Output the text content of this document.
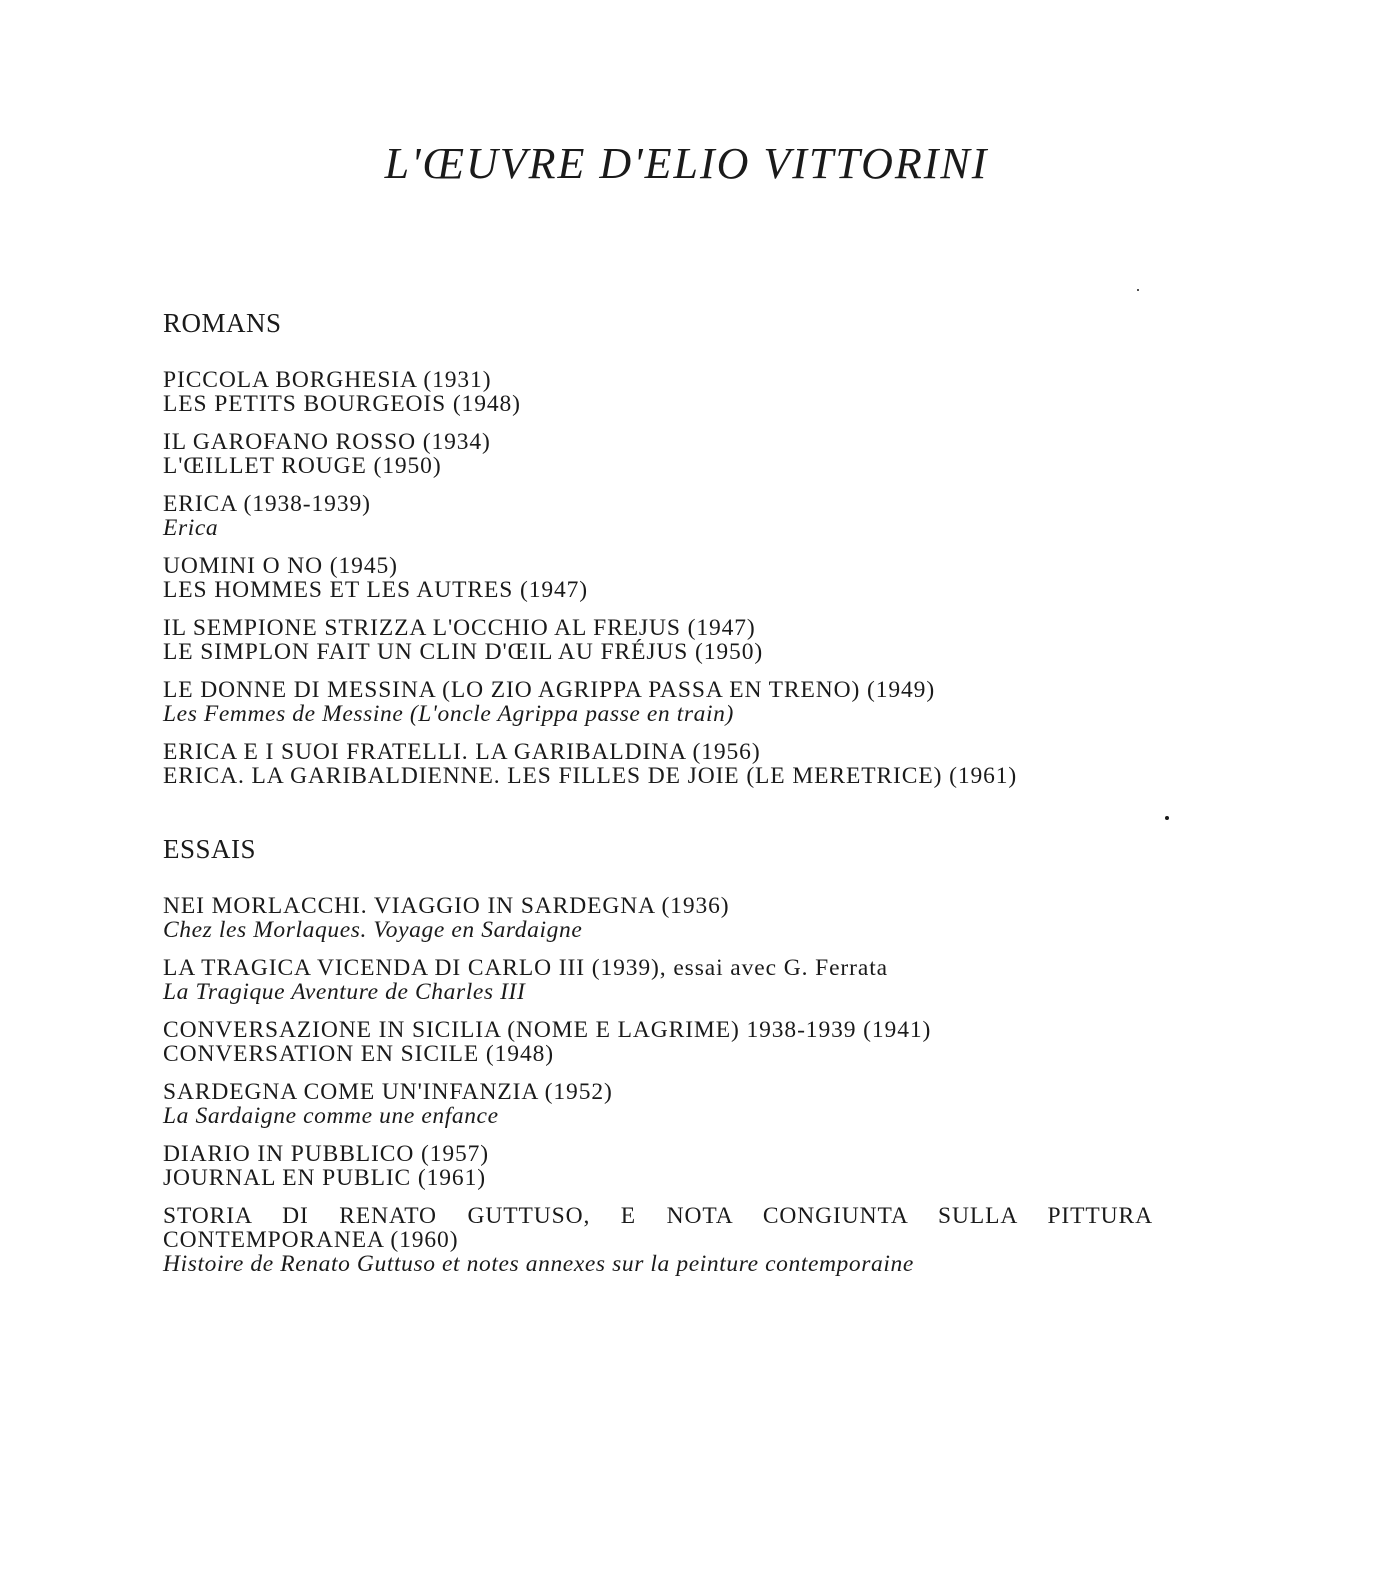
L'ŒUVRE D'ELIO VITTORINI
ROMANS
PICCOLA BORGHESIA (1931)
LES PETITS BOURGEOIS (1948)
IL GAROFANO ROSSO (1934)
L'ŒILLET ROUGE (1950)
ERICA (1938-1939)
Erica
UOMINI O NO (1945)
LES HOMMES ET LES AUTRES (1947)
IL SEMPIONE STRIZZA L'OCCHIO AL FREJUS (1947)
LE SIMPLON FAIT UN CLIN D'ŒIL AU FRÉJUS (1950)
LE DONNE DI MESSINA (LO ZIO AGRIPPA PASSA EN TRENO) (1949)
Les Femmes de Messine (L'oncle Agrippa passe en train)
ERICA E I SUOI FRATELLI. LA GARIBALDINA (1956)
ERICA. LA GARIBALDIENNE. LES FILLES DE JOIE (LE MERETRICE) (1961)
ESSAIS
NEI MORLACCHI. VIAGGIO IN SARDEGNA (1936)
Chez les Morlaques. Voyage en Sardaigne
LA TRAGICA VICENDA DI CARLO III (1939), essai avec G. Ferrata
La Tragique Aventure de Charles III
CONVERSAZIONE IN SICILIA (NOME E LAGRIME) 1938-1939 (1941)
CONVERSATION EN SICILE (1948)
SARDEGNA COME UN'INFANZIA (1952)
La Sardaigne comme une enfance
DIARIO IN PUBBLICO (1957)
JOURNAL EN PUBLIC (1961)
STORIA DI RENATO GUTTUSO, E NOTA CONGIUNTA SULLA PITTURA
CONTEMPORANEA (1960)
Histoire de Renato Guttuso et notes annexes sur la peinture contemporaine
